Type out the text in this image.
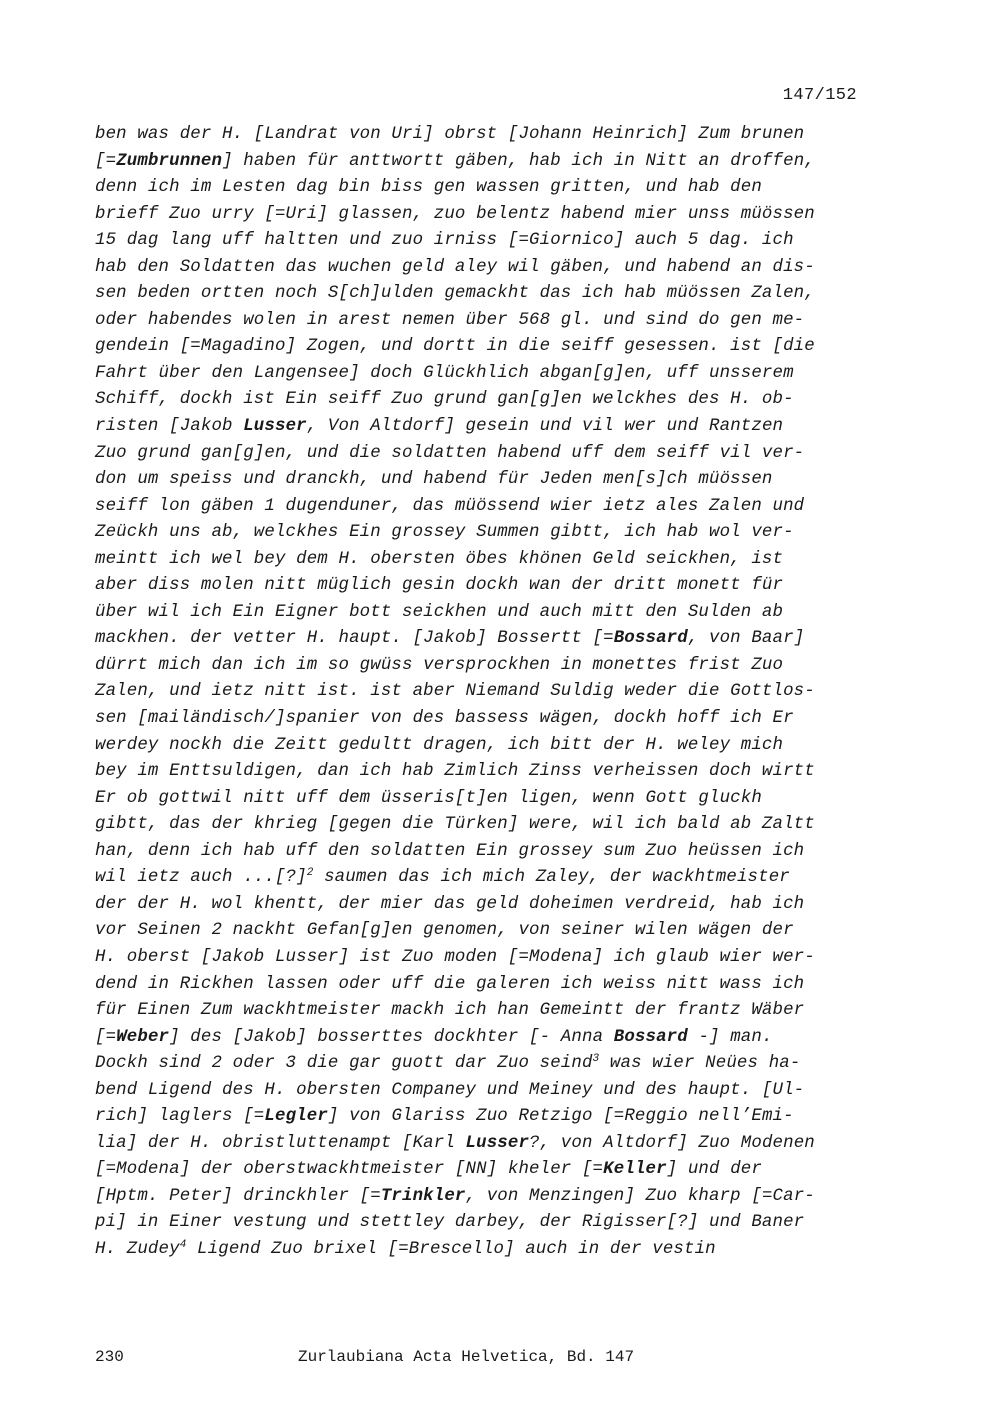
147/152
ben was der H. [Landrat von Uri] obrst [Johann Heinrich] Zum brunen
[=Zumbrunnen] haben für anttwortt gäben, hab ich in Nitt an droffen,
denn ich im Lesten dag bin biss gen wassen gritten, und hab den
brieff Zuo urry [=Uri] glassen, zuo belentz habend mier unss müössen
15 dag lang uff haltten und zuo irniss [=Giornico] auch 5 dag. ich
hab den Soldatten das wuchen geld aley wil gäben, und habend an dis-
sen beden ortten noch S[ch]ulden gemackht das ich hab müössen Zalen,
oder habendes wolen in arest nemen über 568 gl. und sind do gen me-
gendein [=Magadino] Zogen, und dortt in die seiff gesessen. ist [die
Fahrt über den Langensee] doch Glückhlich abgan[g]en, uff unsserem
Schiff, dockh ist Ein seiff Zuo grund gan[g]en welckhes des H. ob-
risten [Jakob Lusser, Von Altdorf] gesein und vil wer und Rantzen
Zuo grund gan[g]en, und die soldatten habend uff dem seiff vil ver-
don um speiss und dranckh, und habend für Jeden men[s]ch müössen
seiff lon gäben 1 dugenduner, das müössend wier ietz ales Zalen und
Zeückh uns ab, welckhes Ein grossey Summen gibtt, ich hab wol ver-
meintt ich wel bey dem H. obersten öbes khönen Geld seickhen, ist
aber diss molen nitt müglich gesin dockh wan der dritt monett für
über wil ich Ein Eigner bott seickhen und auch mitt den Sulden ab
mackhen. der vetter H. haupt. [Jakob] Bossertt [=Bossard, von Baar]
dürrt mich dan ich im so gwüss versprockhen in monettes frist Zuo
Zalen, und ietz nitt ist. ist aber Niemand Suldig weder die Gottlos-
sen [mailändisch/]spanier von des bassess wägen, dockh hoff ich Er
werdey nockh die Zeitt gedultt dragen, ich bitt der H. weley mich
bey im Enttsuldigen, dan ich hab Zimlich Zinss verheissen doch wirtt
Er ob gottwil nitt uff dem üsseris[t]en ligen, wenn Gott gluckh
gibtt, das der khrieg [gegen die Türken] were, wil ich bald ab Zaltt
han, denn ich hab uff den soldatten Ein grossey sum Zuo heüssen ich
wil ietz auch ...[?]$^2$ saumen das ich mich Zaley, der wackhtmeister
der der H. wol khentt, der mier das geld doheimen verdreid, hab ich
vor Seinen 2 nackht Gefan[g]en genomen, von seiner wilen wägen der
H. oberst [Jakob Lusser] ist Zuo moden [=Modena] ich glaub wier wer-
dend in Rickhen lassen oder uff die galeren ich weiss nitt wass ich
für Einen Zum wackhtmeister mackh ich han Gemeintt der frantz Wäber
[=Weber] des [Jakob] bosserttes dockhter [- Anna Bossard -] man.
Dockh sind 2 oder 3 die gar guott dar Zuo seind$^3$ was wier Neües ha-
bend Ligend des H. obersten Companey und Meiney und des haupt. [Ul-
rich] laglers [=Legler] von Glariss Zuo Retzigo [=Reggio nell’Emi-
lia] der H. obristluttenampt [Karl Lusser?, von Altdorf] Zuo Modenen
[=Modena] der oberstwackhtmeister [NN] kheler [=Keller] und der
[Hptm. Peter] drinckhler [=Trinkler, von Menzingen] Zuo kharp [=Car-
pi] in Einer vestung und stettley darbey, der Rigisser[?] und Baner
H. Zudey$^4$ Ligend Zuo brixel [=Brescello] auch in der vestin
230	Zurlaubiana Acta Helvetica, Bd. 147
